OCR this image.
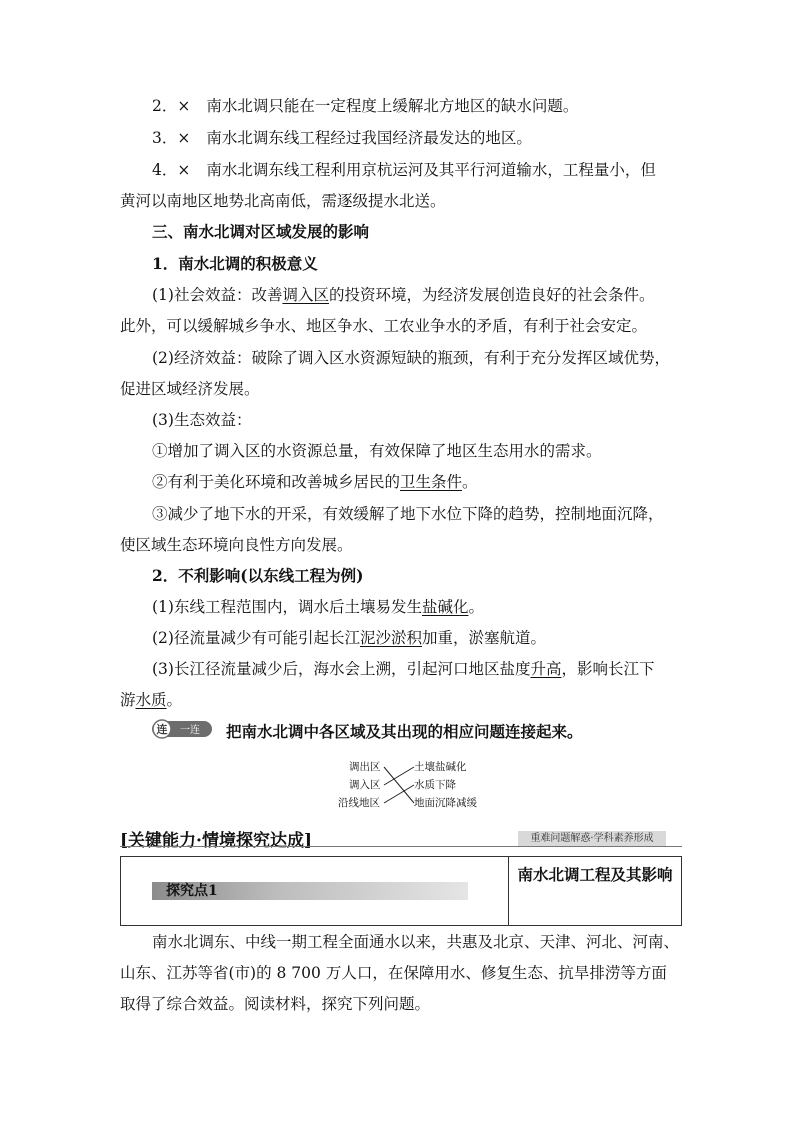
2．× 南水北调只能在一定程度上缓解北方地区的缺水问题。
3．× 南水北调东线工程经过我国经济最发达的地区。
4．× 南水北调东线工程利用京杭运河及其平行河道输水，工程量小，但
黄河以南地区地势北高南低，需逐级提水北送。
三、南水北调对区域发展的影响
1．南水北调的积极意义
(1)社会效益：改善调入区的投资环境，为经济发展创造良好的社会条件。
此外，可以缓解城乡争水、地区争水、工农业争水的矛盾，有利于社会安定。
(2)经济效益：破除了调入区水资源短缺的瓶颈，有利于充分发挥区域优势，
促进区域经济发展。
(3)生态效益：
①增加了调入区的水资源总量，有效保障了地区生态用水的需求。
②有利于美化环境和改善城乡居民的卫生条件。
③减少了地下水的开采，有效缓解了地下水位下降的趋势，控制地面沉降，
使区域生态环境向良性方向发展。
2．不利影响(以东线工程为例)
(1)东线工程范围内，调水后土壤易发生盐碱化。
(2)径流量减少有可能引起长江泥沙淤积加重，淤塞航道。
(3)长江径流量减少后，海水会上溯，引起河口地区盐度升高，影响长江下
游水质。
连 一连 把南水北调中各区域及其出现的相应问题连接起来。
调出区
调入区
沿线地区
土壤盐碱化
水质下降
地面沉降减缓
[关键能力·情境探究达成]	重难问题解惑·学科素养形成
探究点1
南水北调工程及其影响
南水北调东、中线一期工程全面通水以来，共惠及北京、天津、河北、河南、
山东、江苏等省(市)的 8 700 万人口，在保障用水、修复生态、抗旱排涝等方面
取得了综合效益。阅读材料，探究下列问题。
